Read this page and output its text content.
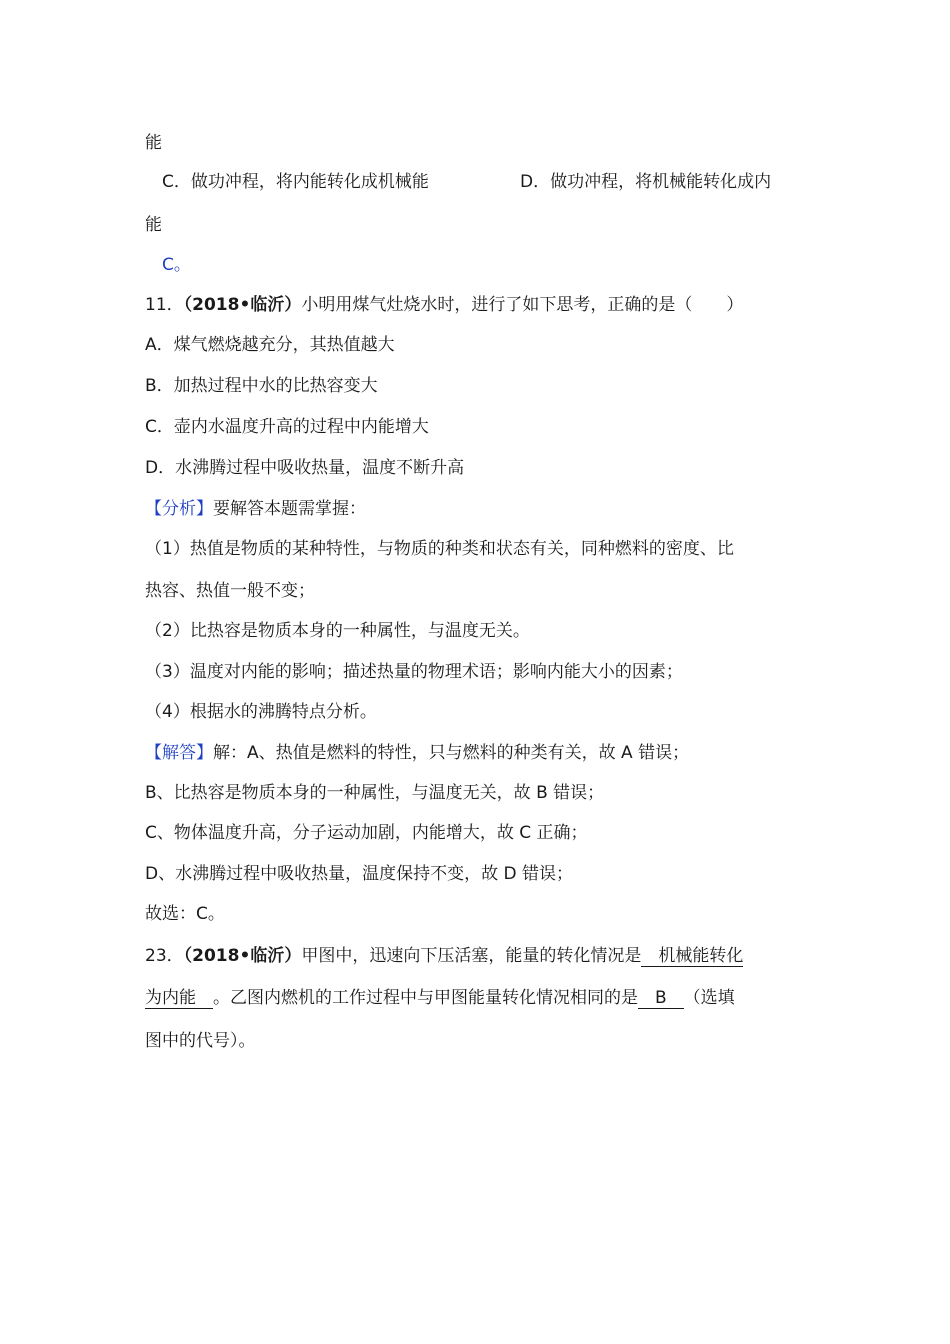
能
C．做功冲程，将内能转化成机械能	D．做功冲程，将机械能转化成内
能
C。
11．（2018•临沂）小明用煤气灶烧水时，进行了如下思考，正确的是（　　）
A．煤气燃烧越充分，其热值越大
B．加热过程中水的比热容变大
C．壶内水温度升高的过程中内能增大
D．水沸腾过程中吸收热量，温度不断升高
【分析】要解答本题需掌握：
（1）热值是物质的某种特性，与物质的种类和状态有关，同种燃料的密度、比
热容、热值一般不变；
（2）比热容是物质本身的一种属性，与温度无关。
（3）温度对内能的影响；描述热量的物理术语；影响内能大小的因素；
（4）根据水的沸腾特点分析。
【解答】解：A、热值是燃料的特性，只与燃料的种类有关，故 A 错误；
B、比热容是物质本身的一种属性，与温度无关，故 B 错误；
C、物体温度升高，分子运动加剧，内能增大，故 C 正确；
D、水沸腾过程中吸收热量，温度保持不变，故 D 错误；
故选：C。
23．（2018•临沂）甲图中，迅速向下压活塞，能量的转化情况是　机械能转化
为内能　。乙图内燃机的工作过程中与甲图能量转化情况相同的是　B　（选填
图中的代号）。
